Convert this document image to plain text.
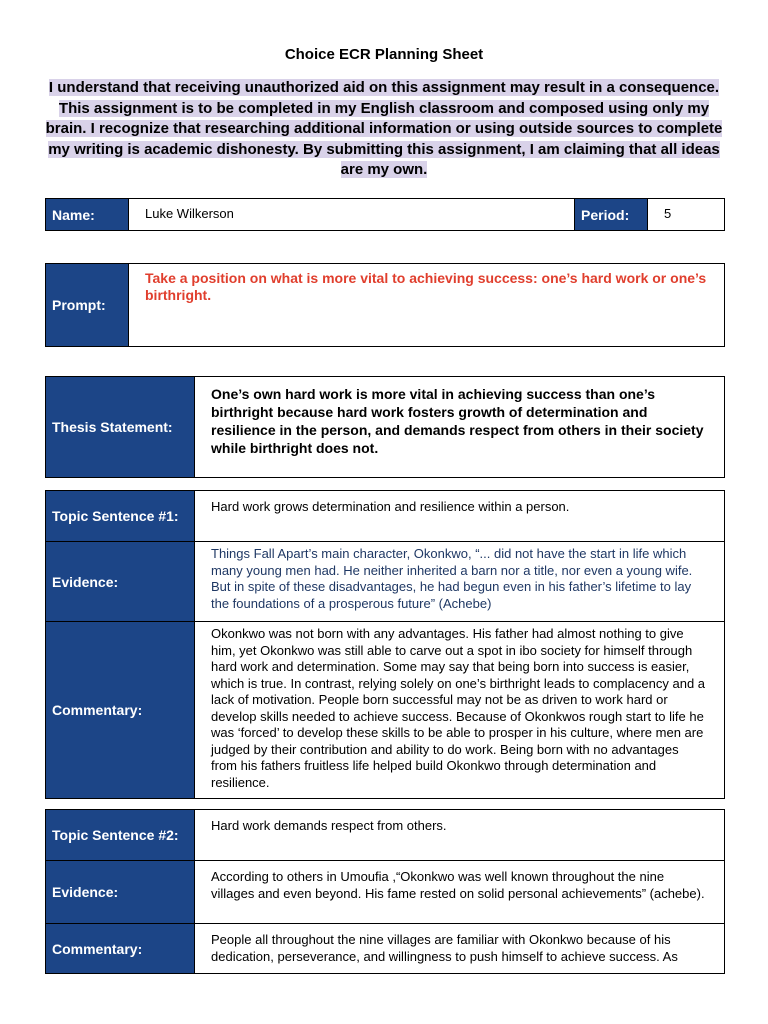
Choice ECR Planning Sheet
I understand that receiving unauthorized aid on this assignment may result in a consequence. This assignment is to be completed in my English classroom and composed using only my brain. I recognize that researching additional information or using outside sources to complete my writing is academic dishonesty. By submitting this assignment, I am claiming that all ideas are my own.
Name:	Luke Wilkerson	Period:	5
Prompt:	Take a position on what is more vital to achieving success: one’s hard work or one’s birthright.
Thesis Statement:	One’s own hard work is more vital in achieving success than one’s birthright because hard work fosters growth of determination and resilience in the person, and demands respect from others in their society while birthright does not.
Topic Sentence #1:	Hard work grows determination and resilience within a person.
Evidence:	Things Fall Apart’s main character, Okonkwo, “... did not have the start in life which many young men had. He neither inherited a barn nor a title, nor even a young wife. But in spite of these disadvantages, he had begun even in his father’s lifetime to lay the foundations of a prosperous future” (Achebe)
Commentary:	Okonkwo was not born with any advantages. His father had almost nothing to give him, yet Okonkwo was still able to carve out a spot in ibo society for himself through hard work and determination. Some may say that being born into success is easier, which is true. In contrast, relying solely on one’s birthright leads to complacency and a lack of motivation. People born successful may not be as driven to work hard or develop skills needed to achieve success. Because of Okonkwos rough start to life he was ‘forced’ to develop these skills to be able to prosper in his culture, where men are judged by their contribution and ability to do work. Being born with no advantages from his fathers fruitless life helped build Okonkwo through determination and resilience.
Topic Sentence #2:	Hard work demands respect from others.
Evidence:	According to others in Umoufia ,“Okonkwo was well known throughout the nine villages and even beyond. His fame rested on solid personal achievements” (achebe).
Commentary:	People all throughout the nine villages are familiar with Okonkwo because of his dedication, perseverance, and willingness to push himself to achieve success. As
